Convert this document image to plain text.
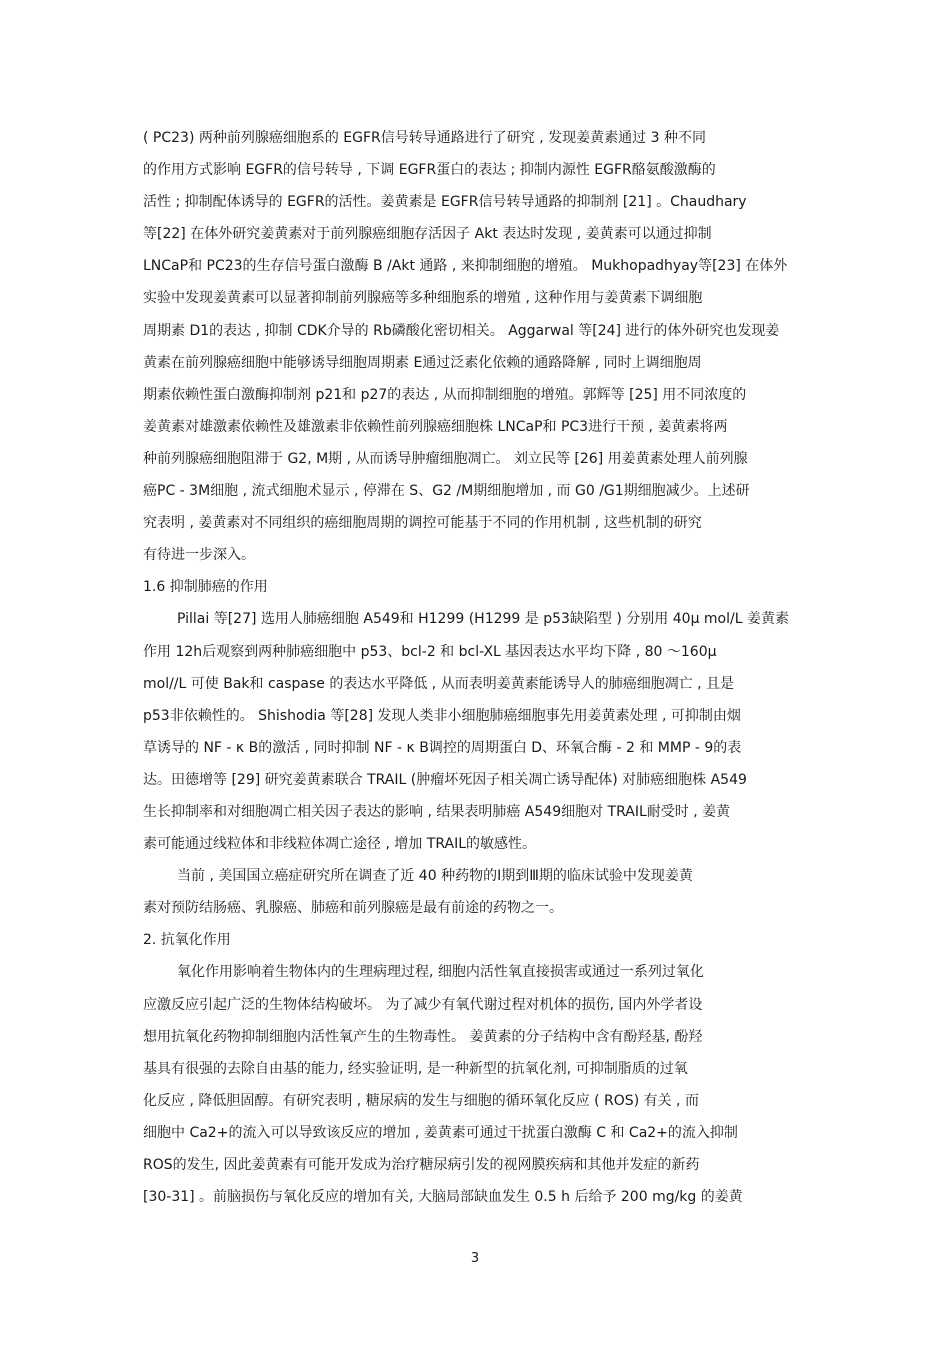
( PC23) 两种前列腺癌细胞系的 EGFR信号转导通路进行了研究 , 发现姜黄素通过 3 种不同
的作用方式影响 EGFR的信号转导 , 下调 EGFR蛋白的表达 ; 抑制内源性 EGFR酪氨酸激酶的
活性 ; 抑制配体诱导的 EGFR的活性。姜黄素是 EGFR信号转导通路的抑制剂 [21] 。Chaudhary
等[22] 在体外研究姜黄素对于前列腺癌细胞存活因子 Akt 表达时发现 , 姜黄素可以通过抑制
LNCaP和 PC23的生存信号蛋白激酶 B /Akt 通路 , 来抑制细胞的增殖。 Mukhopadhyay等[23] 在体外
实验中发现姜黄素可以显著抑制前列腺癌等多种细胞系的增殖 , 这种作用与姜黄素下调细胞
周期素 D1的表达 , 抑制 CDK介导的 Rb磷酸化密切相关。 Aggarwal 等[24] 进行的体外研究也发现姜
黄素在前列腺癌细胞中能够诱导细胞周期素 E通过泛素化依赖的通路降解 , 同时上调细胞周
期素依赖性蛋白激酶抑制剂 p21和 p27的表达 , 从而抑制细胞的增殖。郭辉等 [25] 用不同浓度的
姜黄素对雄激素依赖性及雄激素非依赖性前列腺癌细胞株 LNCaP和 PC3进行干预 , 姜黄素将两
种前列腺癌细胞阻滞于 G2, M期 , 从而诱导肿瘤细胞凋亡。 刘立民等 [26] 用姜黄素处理人前列腺
癌PC - 3M细胞 , 流式细胞术显示 , 停滞在 S、G2 /M期细胞增加 , 而 G0 /G1期细胞减少。上述研
究表明 , 姜黄素对不同组织的癌细胞周期的调控可能基于不同的作用机制 , 这些机制的研究
有待进一步深入。
1.6 抑制肺癌的作用
Pillai 等[27] 选用人肺癌细胞 A549和 H1299 (H1299 是 p53缺陷型 ) 分别用 40μ mol/L 姜黄素
作用 12h后观察到两种肺癌细胞中 p53、bcl-2 和 bcl-XL 基因表达水平均下降 , 80 ～160μ
mol//L 可使 Bak和 caspase 的表达水平降低 , 从而表明姜黄素能诱导人的肺癌细胞凋亡 , 且是
p53非依赖性的。 Shishodia 等[28] 发现人类非小细胞肺癌细胞事先用姜黄素处理 , 可抑制由烟
草诱导的 NF - κ B的激活 , 同时抑制 NF - κ B调控的周期蛋白 D、环氧合酶 - 2 和 MMP - 9的表
达。田德增等 [29] 研究姜黄素联合 TRAIL (肿瘤坏死因子相关凋亡诱导配体) 对肺癌细胞株 A549
生长抑制率和对细胞凋亡相关因子表达的影响 , 结果表明肺癌 A549细胞对 TRAIL耐受时 , 姜黄
素可能通过线粒体和非线粒体凋亡途径 , 增加 TRAIL的敏感性。
当前 , 美国国立癌症研究所在调查了近 40 种药物的Ⅰ期到Ⅲ期的临床试验中发现姜黄
素对预防结肠癌、乳腺癌、肺癌和前列腺癌是最有前途的药物之一。
2. 抗氧化作用
氧化作用影响着生物体内的生理病理过程, 细胞内活性氧直接损害或通过一系列过氧化
应激反应引起广泛的生物体结构破坏。 为了减少有氧代谢过程对机体的损伤, 国内外学者设
想用抗氧化药物抑制细胞内活性氧产生的生物毒性。 姜黄素的分子结构中含有酚羟基, 酚羟
基具有很强的去除自由基的能力, 经实验证明, 是一种新型的抗氧化剂, 可抑制脂质的过氧
化反应 , 降低胆固醇。有研究表明 , 糖尿病的发生与细胞的循环氧化反应 ( ROS) 有关 , 而
细胞中 Ca2+的流入可以导致该反应的增加 , 姜黄素可通过干扰蛋白激酶 C 和 Ca2+的流入抑制
ROS的发生, 因此姜黄素有可能开发成为治疗糖尿病引发的视网膜疾病和其他并发症的新药
[30-31] 。前脑损伤与氧化反应的增加有关, 大脑局部缺血发生 0.5 h 后给予 200 mg/kg 的姜黄
3
